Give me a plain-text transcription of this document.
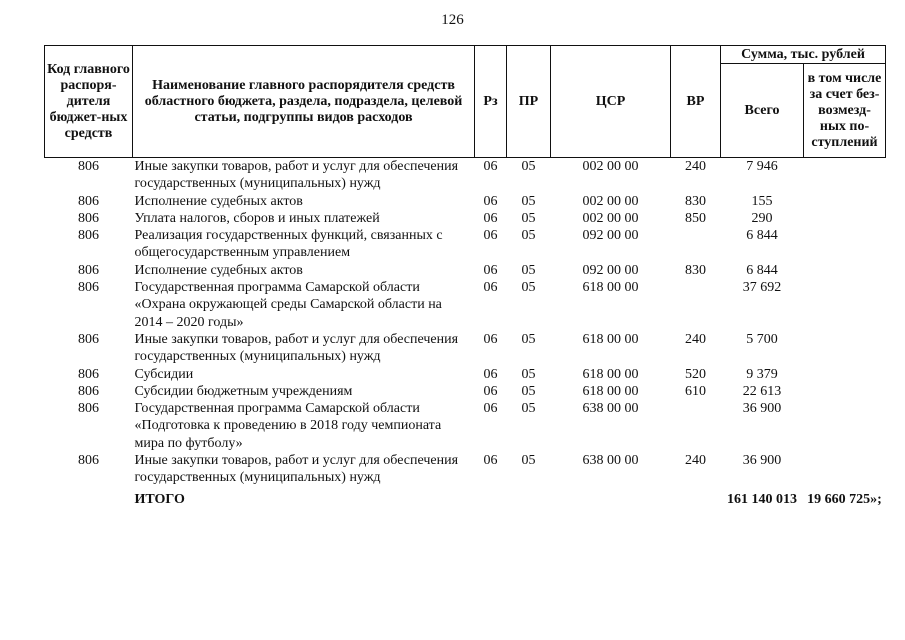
126
Код главного распоря-дителя бюджет-ных средств	Наименование главного распорядителя средств областного бюджета, раздела, подраздела, целевой статьи, подгруппы видов расходов	Рз	ПР	ЦСР	ВР	Сумма, тыс. рублей	
						Всего	в том числе за счет без-возмезд-ных по-ступлений
806	Иные закупки товаров, работ и услуг для обеспечения государственных (муниципальных) нужд	06	05	002 00 00	240	7 946	
806	Исполнение судебных актов	06	05	002 00 00	830	155	
806	Уплата налогов, сборов и иных платежей	06	05	002 00 00	850	290	
806	Реализация государственных функций, связанных с общегосударственным управлением	06	05	092 00 00		6 844	
806	Исполнение судебных актов	06	05	092 00 00	830	6 844	
806	Государственная программа Самарской области «Охрана окружающей среды Самарской области на 2014 – 2020 годы»	06	05	618 00 00		37 692	
806	Иные закупки товаров, работ и услуг для обеспечения государственных (муниципальных) нужд	06	05	618 00 00	240	5 700	
806	Субсидии	06	05	618 00 00	520	9 379	
806	Субсидии бюджетным учреждениям	06	05	618 00 00	610	22 613	
806	Государственная программа Самарской области «Подготовка к проведению в 2018 году чемпионата мира по футболу»	06	05	638 00 00		36 900	
806	Иные закупки товаров, работ и услуг для обеспечения государственных (муниципальных) нужд	06	05	638 00 00	240	36 900	
	ИТОГО					161 140 013	19 660 725»;
